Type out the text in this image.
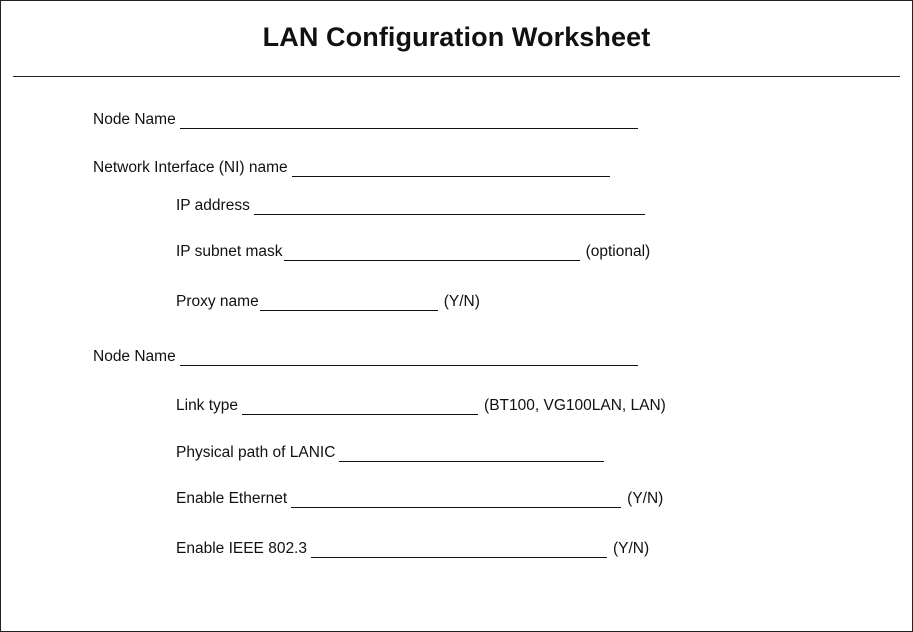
LAN Configuration Worksheet
Node Name
Network Interface (NI) name
IP address
IP subnet mask	(optional)
Proxy name	(Y/N)
Node Name
Link type	(BT100, VG100LAN, LAN)
Physical path of LANIC
Enable Ethernet	(Y/N)
Enable IEEE 802.3	(Y/N)
